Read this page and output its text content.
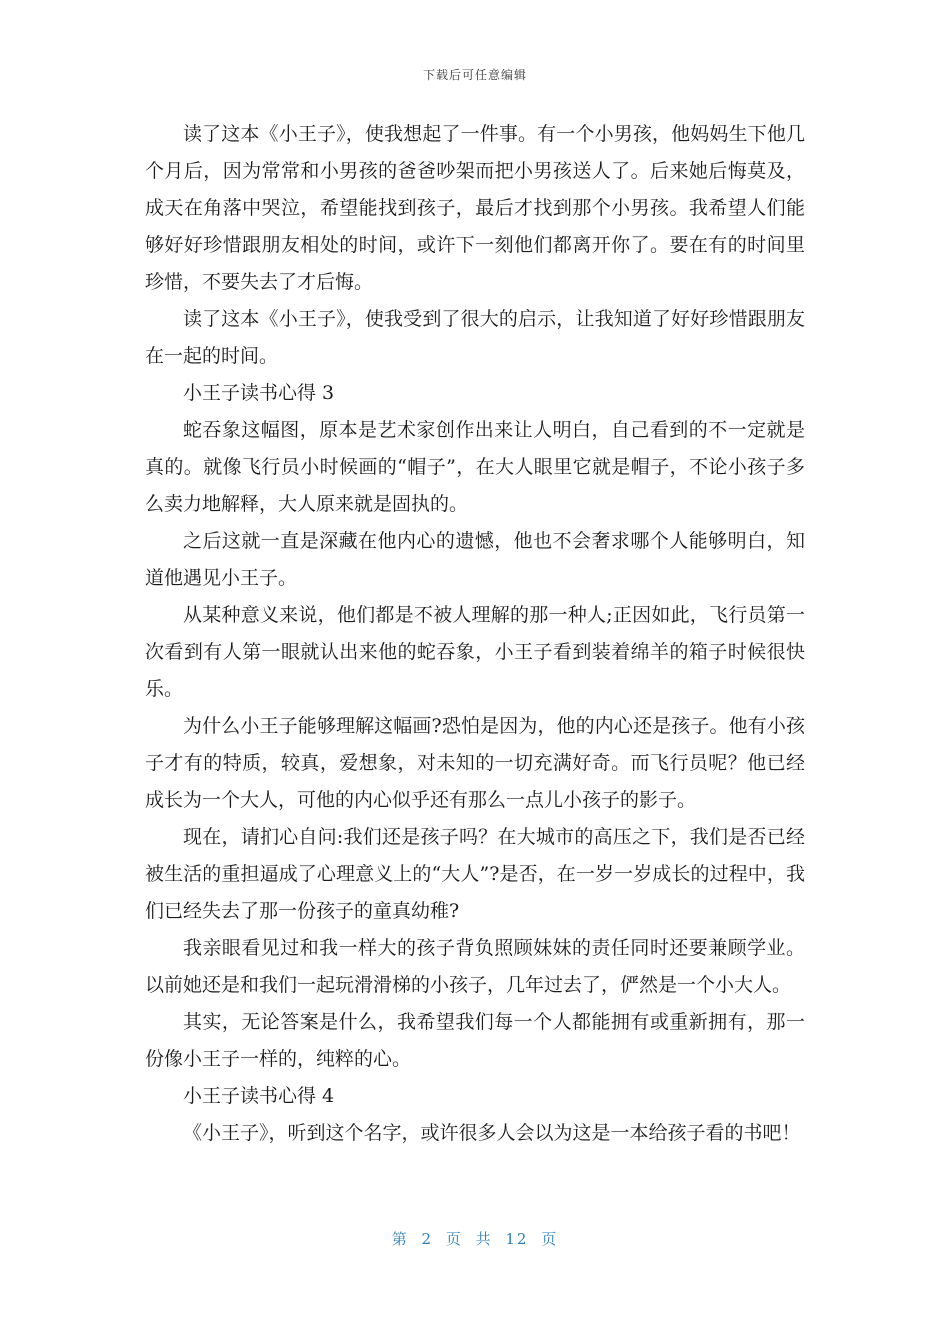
下载后可任意编辑

读了这本《小王子》，使我想起了一件事。有一个小男孩，他妈妈生下他几个月后，因为常常和小男孩的爸爸吵架而把小男孩送人了。后来她后悔莫及，成天在角落中哭泣，希望能找到孩子，最后才找到那个小男孩。我希望人们能够好好珍惜跟朋友相处的时间，或许下一刻他们都离开你了。要在有的时间里珍惜，不要失去了才后悔。

读了这本《小王子》，使我受到了很大的启示，让我知道了好好珍惜跟朋友在一起的时间。

小王子读书心得 3

蛇吞象这幅图，原本是艺术家创作出来让人明白，自己看到的不一定就是真的。就像飞行员小时候画的“帽子”，在大人眼里它就是帽子，不论小孩子多么卖力地解释，大人原来就是固执的。

之后这就一直是深藏在他内心的遗憾，他也不会奢求哪个人能够明白，知道他遇见小王子。

从某种意义来说，他们都是不被人理解的那一种人;正因如此，飞行员第一次看到有人第一眼就认出来他的蛇吞象，小王子看到装着绵羊的箱子时候很快乐。

为什么小王子能够理解这幅画?恐怕是因为，他的内心还是孩子。他有小孩子才有的特质，较真，爱想象，对未知的一切充满好奇。而飞行员呢？他已经成长为一个大人，可他的内心似乎还有那么一点儿小孩子的影子。

现在，请扪心自问:我们还是孩子吗？在大城市的高压之下，我们是否已经被生活的重担逼成了心理意义上的“大人”?是否，在一岁一岁成长的过程中，我们已经失去了那一份孩子的童真幼稚?

我亲眼看见过和我一样大的孩子背负照顾妹妹的责任同时还要兼顾学业。以前她还是和我们一起玩滑滑梯的小孩子，几年过去了，俨然是一个小大人。

其实，无论答案是什么，我希望我们每一个人都能拥有或重新拥有，那一份像小王子一样的，纯粹的心。

小王子读书心得 4

《小王子》，听到这个名字，或许很多人会以为这是一本给孩子看的书吧！

第 2 页 共 12 页
